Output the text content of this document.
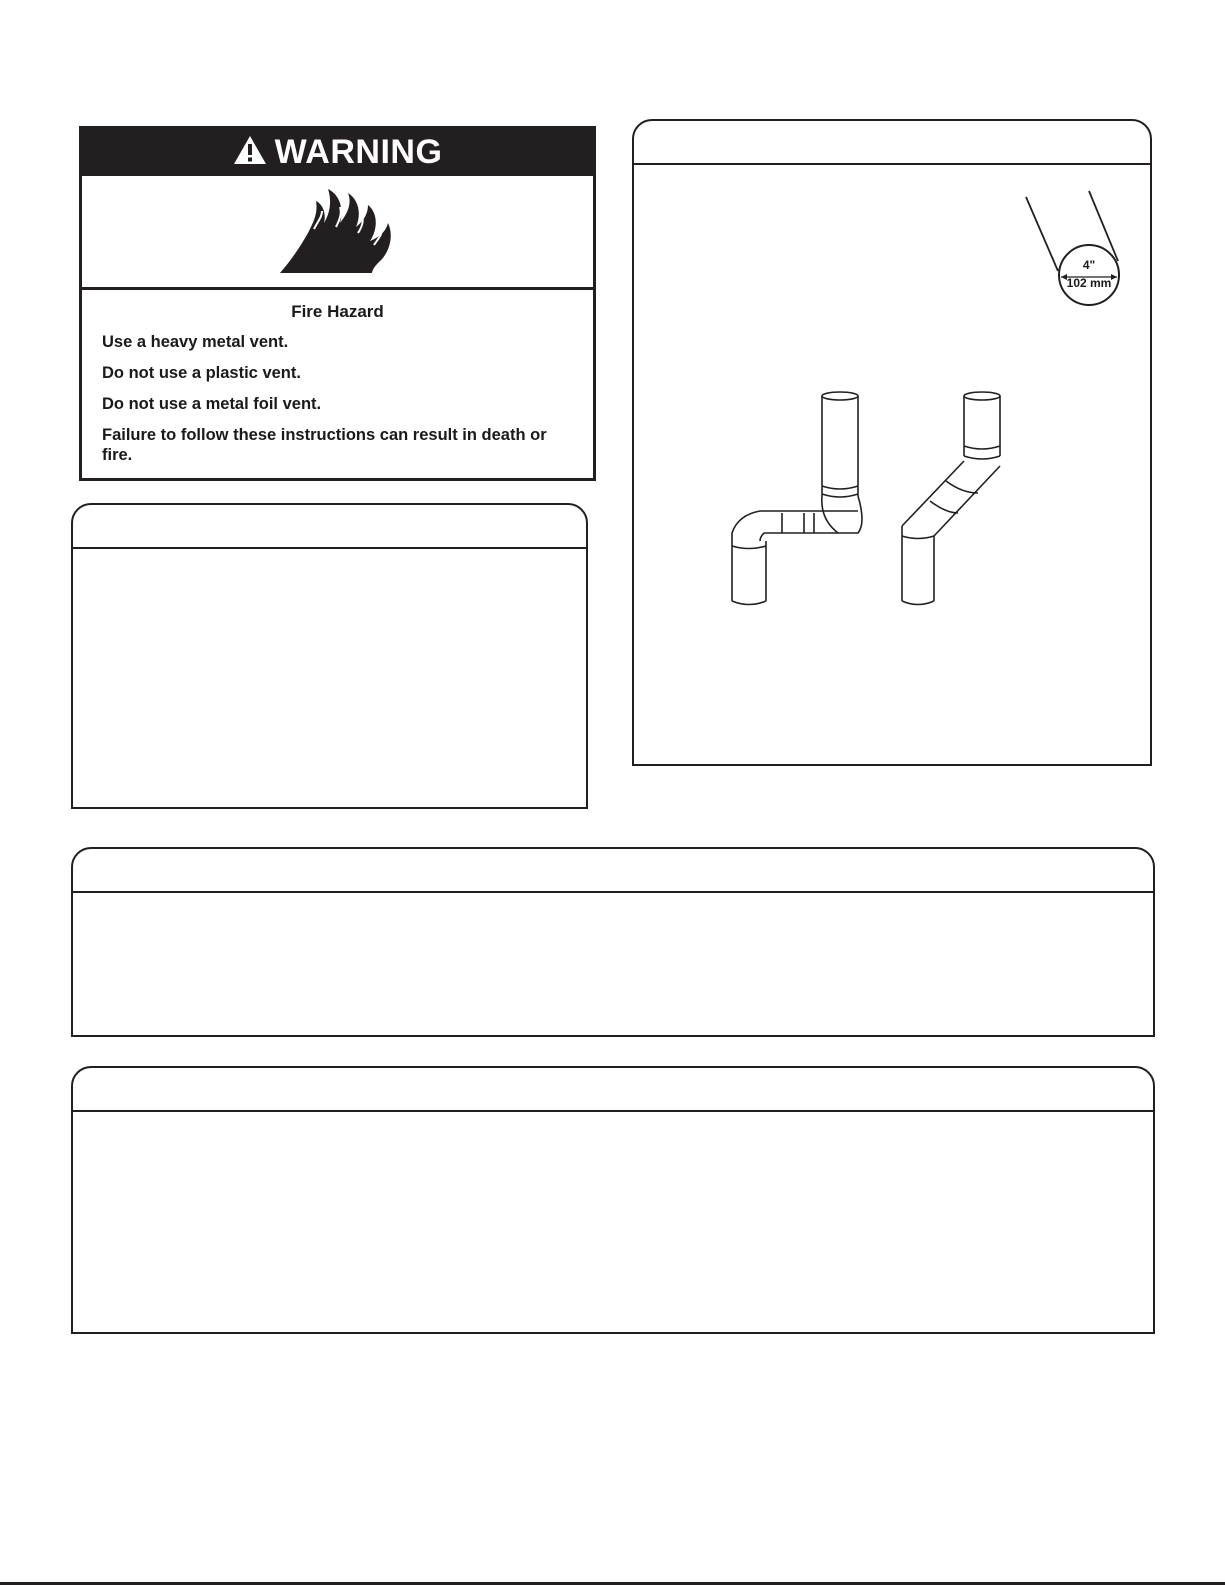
WARNING

Fire Hazard

Use a heavy metal vent.

Do not use a plastic vent.

Do not use a metal foil vent.

Failure to follow these instructions can result in death or fire.

4"
102 mm
